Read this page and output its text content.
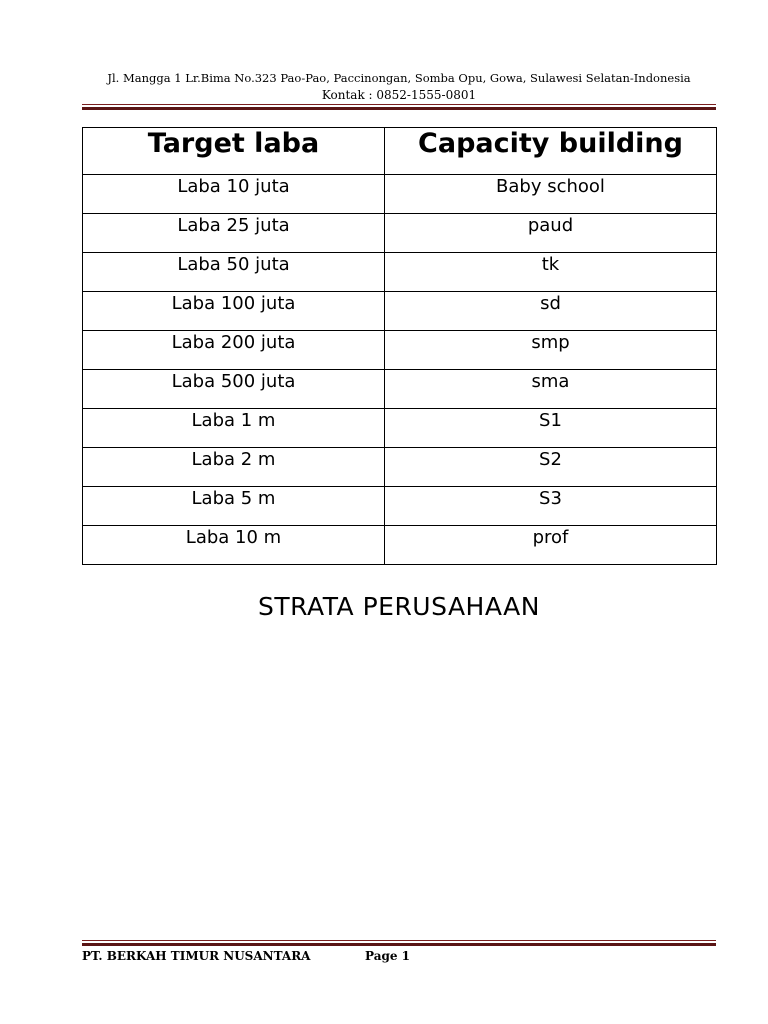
Jl. Mangga 1 Lr.Bima No.323 Pao-Pao, Paccinongan, Somba Opu, Gowa, Sulawesi Selatan-Indonesia
Kontak : 0852-1555-0801
Target laba	Capacity building
Laba 10 juta	Baby school
Laba 25 juta	paud
Laba 50 juta	tk
Laba 100 juta	sd
Laba 200 juta	smp
Laba 500 juta	sma
Laba 1 m	S1
Laba 2 m	S2
Laba 5 m	S3
Laba 10 m	prof
STRATA PERUSAHAAN
PT. BERKAH TIMUR NUSANTARA	Page 1
